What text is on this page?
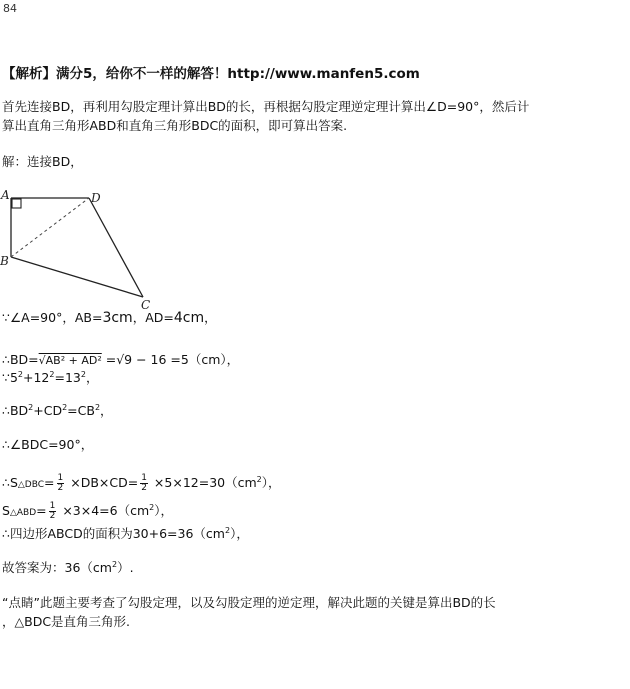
84
【解析】满分5，给你不一样的解答！http://www.manfen5.com
首先连接BD，再利用勾股定理计算出BD的长，再根据勾股定理逆定理计算出∠D=90°，然后计
算出直角三角形ABD和直角三角形BDC的面积，即可算出答案.
解：连接BD，
A	D
B
C
∵∠A=90°，AB=3cm，AD=4cm，
∴BD=√AB² + AD² =√9 − 16 =5（cm），
$\because 5^2+12^2=13^2$，
$\therefore BD^2+CD^2=CB^2$，
∴∠BDC=90°，
∴S△DBC= $\frac{1}{2} \times DB\times CD= \frac{1}{2} \times 5\times 12=30(cm^2)$，
S△ABD= $\frac{1}{2} \times 3\times 4=6(cm^2)$，
∴四边形ABCD的面积为$30+6=36(cm^2)$，
故答案为：$36(cm^2)$.
“点睛”此题主要考查了勾股定理，以及勾股定理的逆定理，解决此题的关键是算出BD的长
，△BDC是直角三角形.
